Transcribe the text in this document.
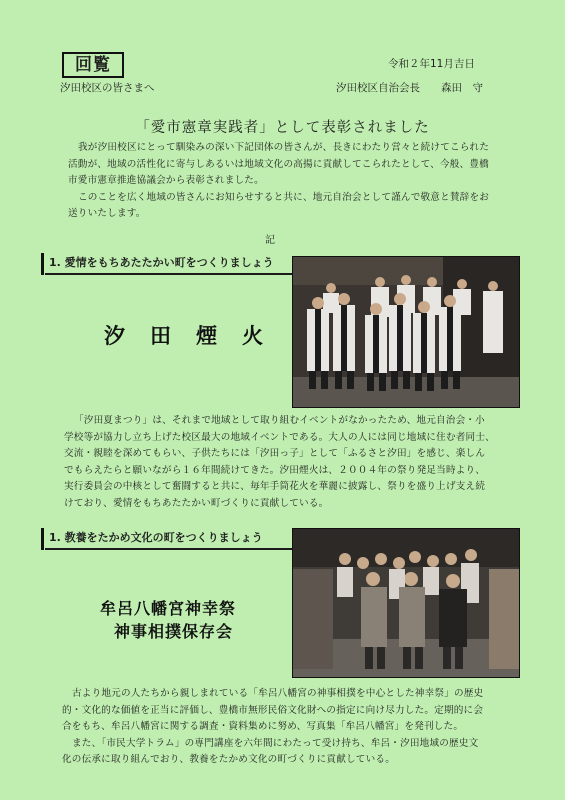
回覧	令和２年11月吉日
汐田校区の皆さまへ	汐田校区自治会長　　森田　守
「愛市憲章実践者」として表彰されました
我が汐田校区にとって馴染みの深い下記団体の皆さんが、長きにわたり営々と続けてこられた
活動が、地域の活性化に寄与しあるいは地域文化の高揚に貢献してこられたとして、今般、豊橋
市愛市憲章推進協議会から表彰されました。
このことを広く地域の皆さんにお知らせすると共に、地元自治会として謹んで敬意と賛辞をお
送りいたします。
記
1. 愛情をもちあたたかい町をつくりましょう
汐　田　煙　火
「汐田夏まつり」は、それまで地域として取り組むイベントがなかったため、地元自治会・小
学校等が協力し立ち上げた校区最大の地域イベントである。大人の人には同じ地域に住む者同士、
交流・親睦を深めてもらい、子供たちには「汐田っ子」として「ふるさと汐田」を感じ、楽しん
でもらえたらと願いながら１６年間続けてきた。汐田煙火は、２００４年の祭り発足当時より、
実行委員会の中核として奮闘すると共に、毎年手筒花火を華麗に披露し、祭りを盛り上げ支え続
けており、愛情をもちあたたかい町づくりに貢献している。
1. 教養をたかめ文化の町をつくりましょう
牟呂八幡宮神幸祭
神事相撲保存会
古より地元の人たちから親しまれている「牟呂八幡宮の神事相撲を中心とした神幸祭」の歴史
的・文化的な価値を正当に評価し、豊橋市無形民俗文化財への指定に向け尽力した。定期的に会
合をもち、牟呂八幡宮に関する調査・資料集めに努め、写真集「牟呂八幡宮」を発刊した。
また、「市民大学トラム」の専門講座を六年間にわたって受け持ち、牟呂・汐田地域の歴史文
化の伝承に取り組んでおり、教養をたかめ文化の町づくりに貢献している。
